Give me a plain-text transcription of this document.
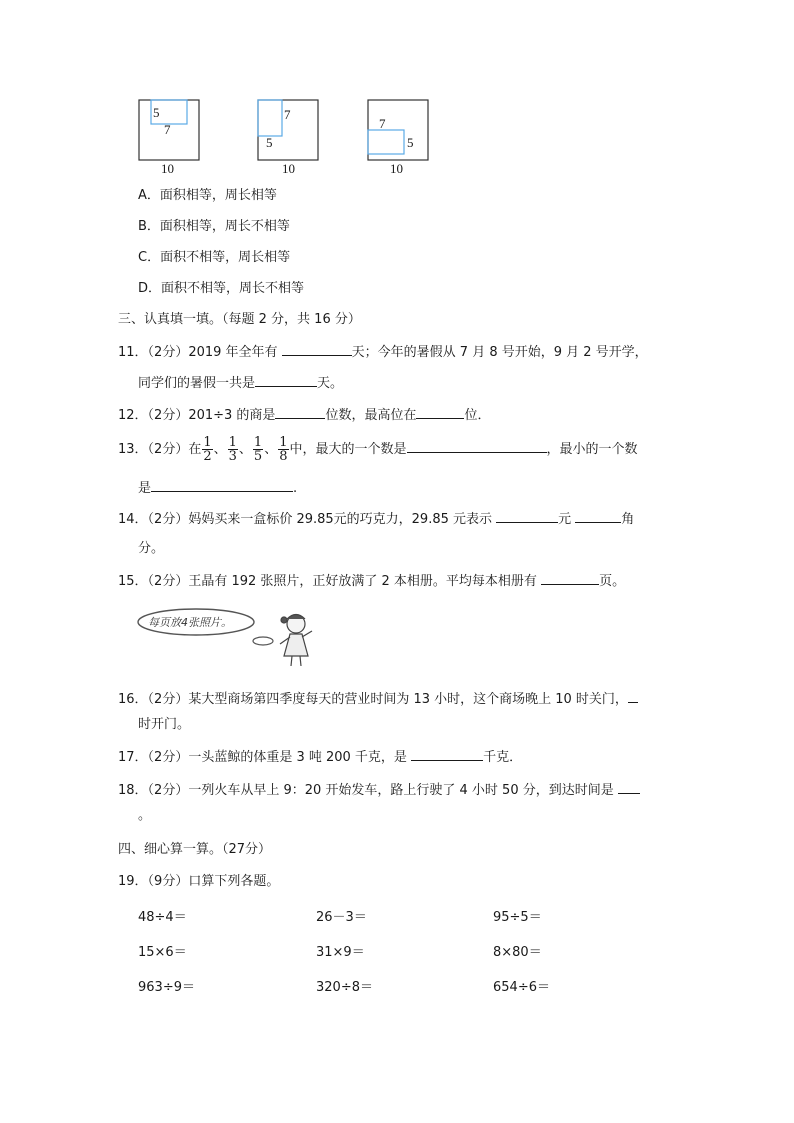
5
7
10
7
5
10
7
5
10
A．面积相等，周长相等
B．面积相等，周长不相等
C．面积不相等，周长相等
D．面积不相等，周长不相等
三、认真填一填。（每题 2 分，共 16 分）
11．（2分）2019 年全年有	天；今年的暑假从 7 月 8 号开始，9 月 2 号开学，
同学们的暑假一共是	天。
12．（2分）201÷3 的商是	位数，最高位在	位．
13．（2分）在 $\frac{1}{2}$ 、 $\frac{1}{3}$ 、 $\frac{1}{5}$ 、 $\frac{1}{8}$ 中，最大的一个数是	，最小的一个数
是	.
14．（2分）妈妈买来一盒标价 29.85元的巧克力，29.85 元表示	元	角
分。
15．（2分）王晶有 192 张照片，正好放满了 2 本相册。平均每本相册有	页。
每页放4张照片。
16．（2分）某大型商场第四季度每天的营业时间为 13 小时，这个商场晚上 10 时关门，
时开门。
17．（2分）一头蓝鲸的体重是 3 吨 200 千克，是	千克．
18．（2分）一列火车从早上 9：20 开始发车，路上行驶了 4 小时 50 分，到达时间是
。
四、细心算一算。（27分）
19．（9分）口算下列各题。
48÷4＝	26－3＝	95÷5＝
15×6＝	31×9＝	8×80＝
963÷9＝	320÷8＝	654÷6＝
